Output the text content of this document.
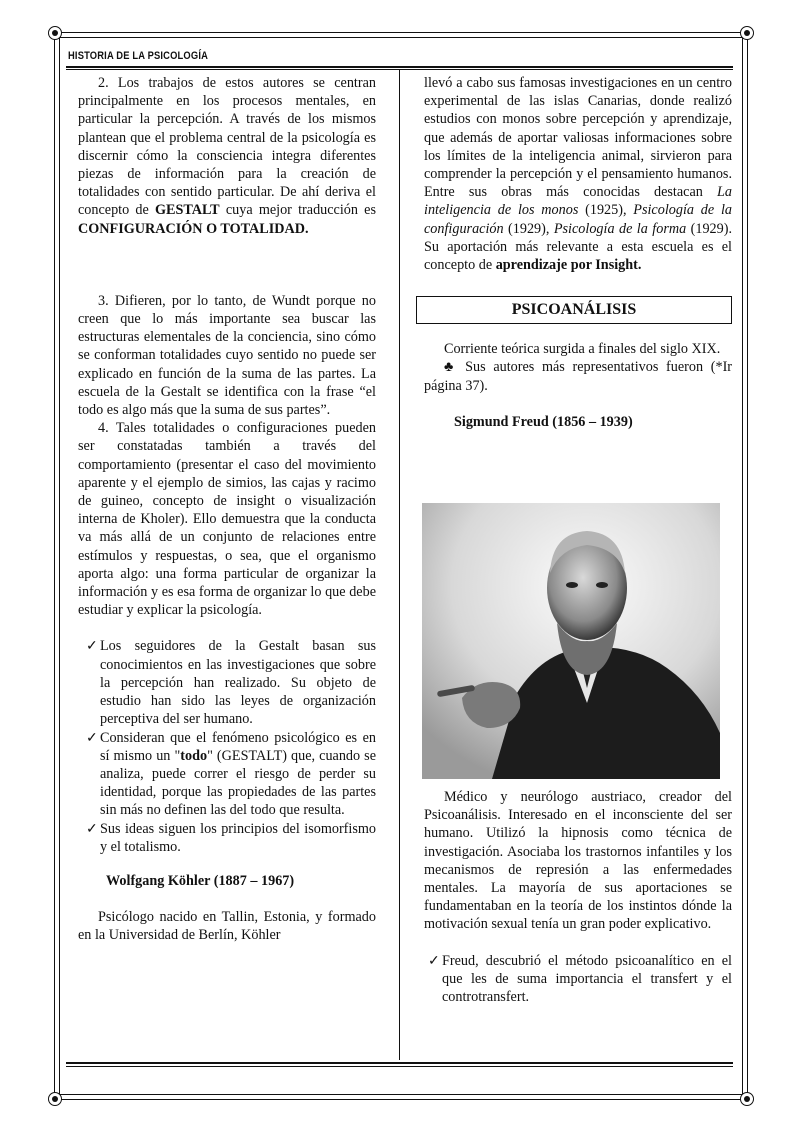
HISTORIA DE LA PSICOLOGÍA

2. Los trabajos de estos autores se centran principalmente en los procesos mentales, en particular la percepción. A través de los mismos plantean que el problema central de la psicología es discernir cómo la consciencia integra diferentes piezas de información para la creación de totalidades con sentido particular. De ahí deriva el concepto de GESTALT cuya mejor traducción es CONFIGURACIÓN O TOTALIDAD.

3. Difieren, por lo tanto, de Wundt porque no creen que lo más importante sea buscar las estructuras elementales de la conciencia, sino cómo se conforman totalidades cuyo sentido no puede ser explicado en función de la suma de las partes. La escuela de la Gestalt se identifica con la frase “el todo es algo más que la suma de sus partes”.

4. Tales totalidades o configuraciones pueden ser constatadas también a través del comportamiento (presentar el caso del movimiento aparente y el ejemplo de simios, las cajas y racimo de guineo, concepto de insight o visualización interna de Kholer). Ello demuestra que la conducta va más allá de un conjunto de relaciones entre estímulos y respuestas, o sea, que el organismo aporta algo: una forma particular de organizar la información y es esa forma de organizar lo que debe estudiar y explicar la psicología.

✓ Los seguidores de la Gestalt basan sus conocimientos en las investigaciones que sobre la percepción han realizado. Su objeto de estudio han sido las leyes de organización perceptiva del ser humano.

✓ Consideran que el fenómeno psicológico es en sí mismo un "todo" (GESTALT) que, cuando se analiza, puede correr el riesgo de perder su identidad, porque las propiedades de las partes sin más no definen las del todo que resulta.

✓ Sus ideas siguen los principios del isomorfismo y el totalismo.

Wolfgang Köhler (1887 – 1967)

Psicólogo nacido en Tallin, Estonia, y formado en la Universidad de Berlín, Köhler

llevó a cabo sus famosas investigaciones en un centro experimental de las islas Canarias, donde realizó estudios con monos sobre percepción y aprendizaje, que además de aportar valiosas informaciones sobre los límites de la inteligencia animal, sirvieron para comprender la percepción y el pensamiento humanos. Entre sus obras más conocidas destacan La inteligencia de los monos (1925), Psicología de la configuración (1929), Psicología de la forma (1929). Su aportación más relevante a esta escuela es el concepto de aprendizaje por Insight.

PSICOANÁLISIS

Corriente teórica surgida a finales del siglo XIX.

♣ Sus autores más representativos fueron (*Ir página 37).

Sigmund Freud (1856 – 1939)

Médico y neurólogo austriaco, creador del Psicoanálisis. Interesado en el inconsciente del ser humano. Utilizó la hipnosis como técnica de investigación. Asociaba los trastornos infantiles y los mecanismos de represión a las enfermedades mentales. La mayoría de sus aportaciones se fundamentaban en la teoría de los instintos dónde la motivación sexual tenía un gran poder explicativo.

✓ Freud, descubrió el método psicoanalítico en el que les de suma importancia el transfert y el controtransfert.
